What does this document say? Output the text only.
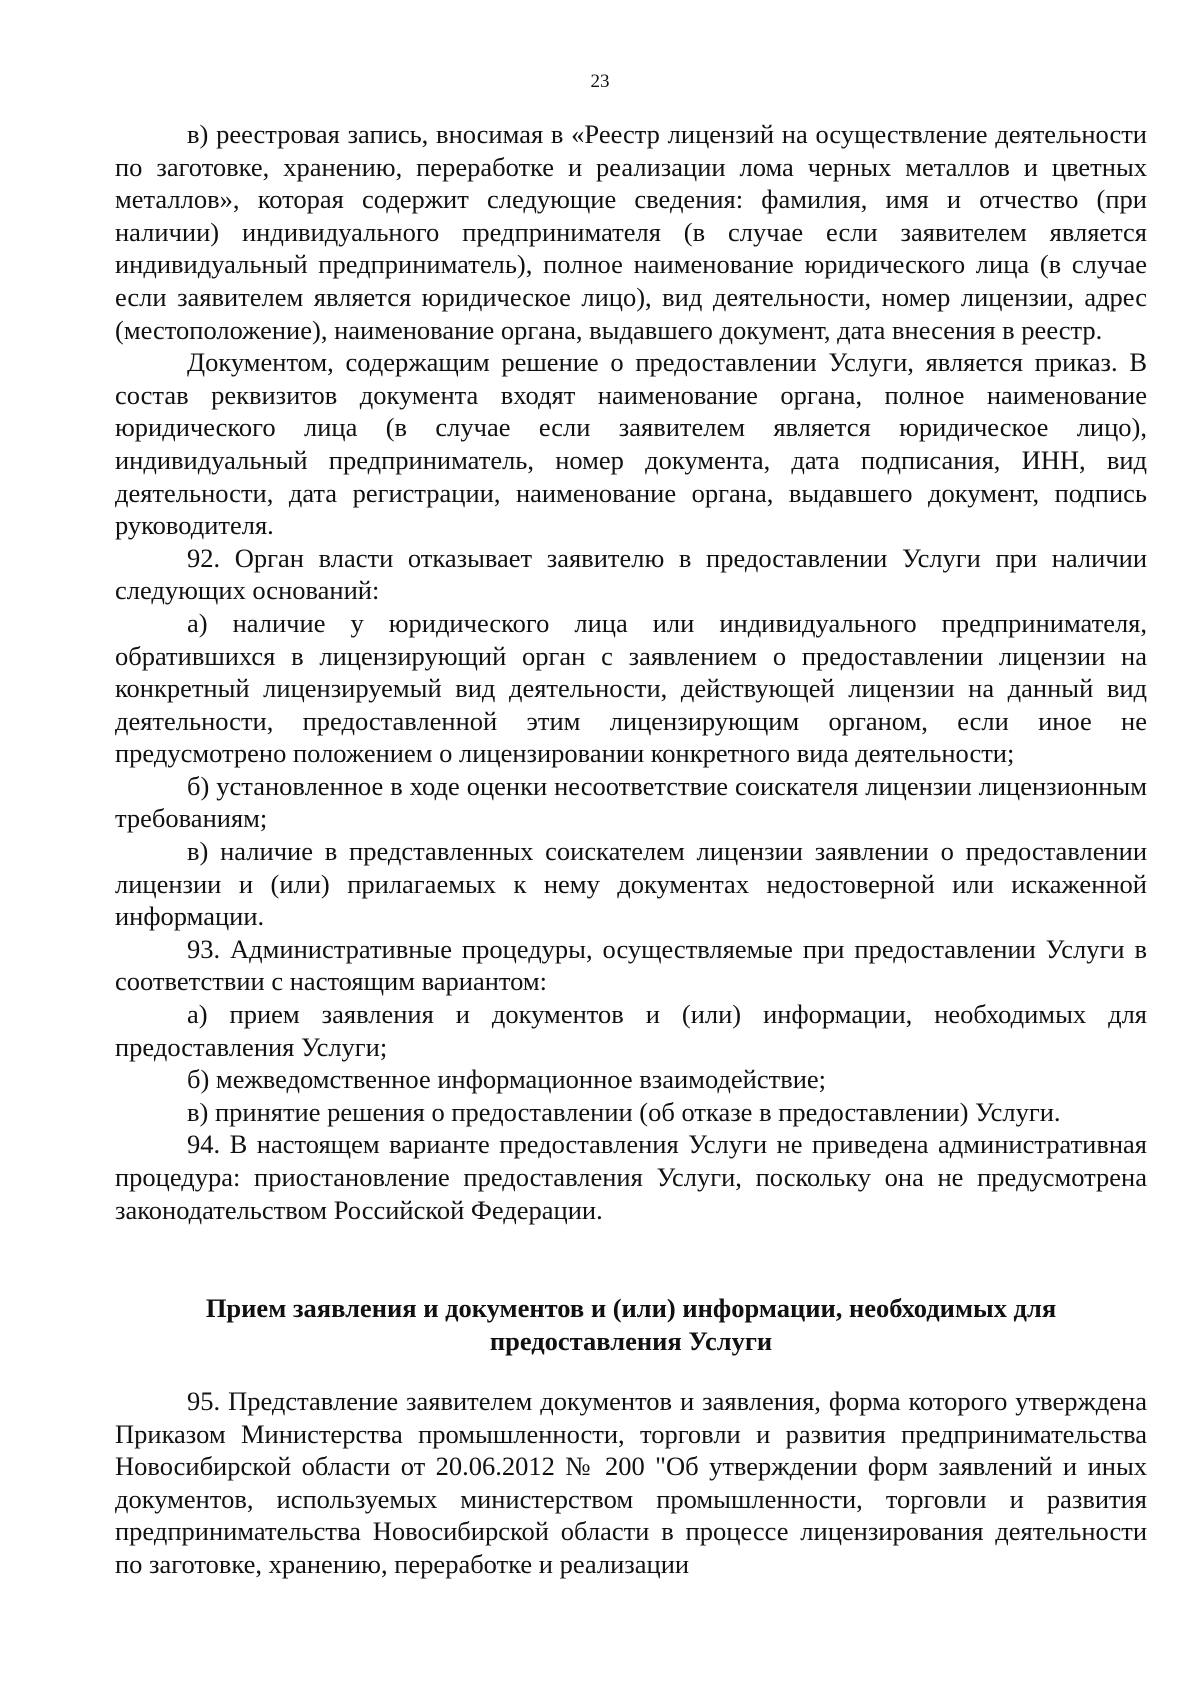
23

в) реестровая запись, вносимая в «Реестр лицензий на осуществление деятельности по заготовке, хранению, переработке и реализации лома черных металлов и цветных металлов», которая содержит следующие сведения: фамилия, имя и отчество (при наличии) индивидуального предпринимателя (в случае если заявителем является индивидуальный предприниматель), полное наименование юридического лица (в случае если заявителем является юридическое лицо), вид деятельности, номер лицензии, адрес (местоположение), наименование органа, выдавшего документ, дата внесения в реестр.

Документом, содержащим решение о предоставлении Услуги, является приказ. В состав реквизитов документа входят наименование органа, полное наименование юридического лица (в случае если заявителем является юридическое лицо), индивидуальный предприниматель, номер документа, дата подписания, ИНН, вид деятельности, дата регистрации, наименование органа, выдавшего документ, подпись руководителя.

92. Орган власти отказывает заявителю в предоставлении Услуги при наличии следующих оснований:

а) наличие у юридического лица или индивидуального предпринимателя, обратившихся в лицензирующий орган с заявлением о предоставлении лицензии на конкретный лицензируемый вид деятельности, действующей лицензии на данный вид деятельности, предоставленной этим лицензирующим органом, если иное не предусмотрено положением о лицензировании конкретного вида деятельности;

б) установленное в ходе оценки несоответствие соискателя лицензии лицензионным требованиям;

в) наличие в представленных соискателем лицензии заявлении о предоставлении лицензии и (или) прилагаемых к нему документах недостоверной или искаженной информации.

93. Административные процедуры, осуществляемые при предоставлении Услуги в соответствии с настоящим вариантом:

а) прием заявления и документов и (или) информации, необходимых для предоставления Услуги;

б) межведомственное информационное взаимодействие;

в) принятие решения о предоставлении (об отказе в предоставлении) Услуги.

94. В настоящем варианте предоставления Услуги не приведена административная процедура: приостановление предоставления Услуги, поскольку она не предусмотрена законодательством Российской Федерации.

Прием заявления и документов и (или) информации, необходимых для предоставления Услуги

95. Представление заявителем документов и заявления, форма которого утверждена Приказом Министерства промышленности, торговли и развития предпринимательства Новосибирской области от 20.06.2012 № 200 "Об утверждении форм заявлений и иных документов, используемых министерством промышленности, торговли и развития предпринимательства Новосибирской области в процессе лицензирования деятельности по заготовке, хранению, переработке и реализации
